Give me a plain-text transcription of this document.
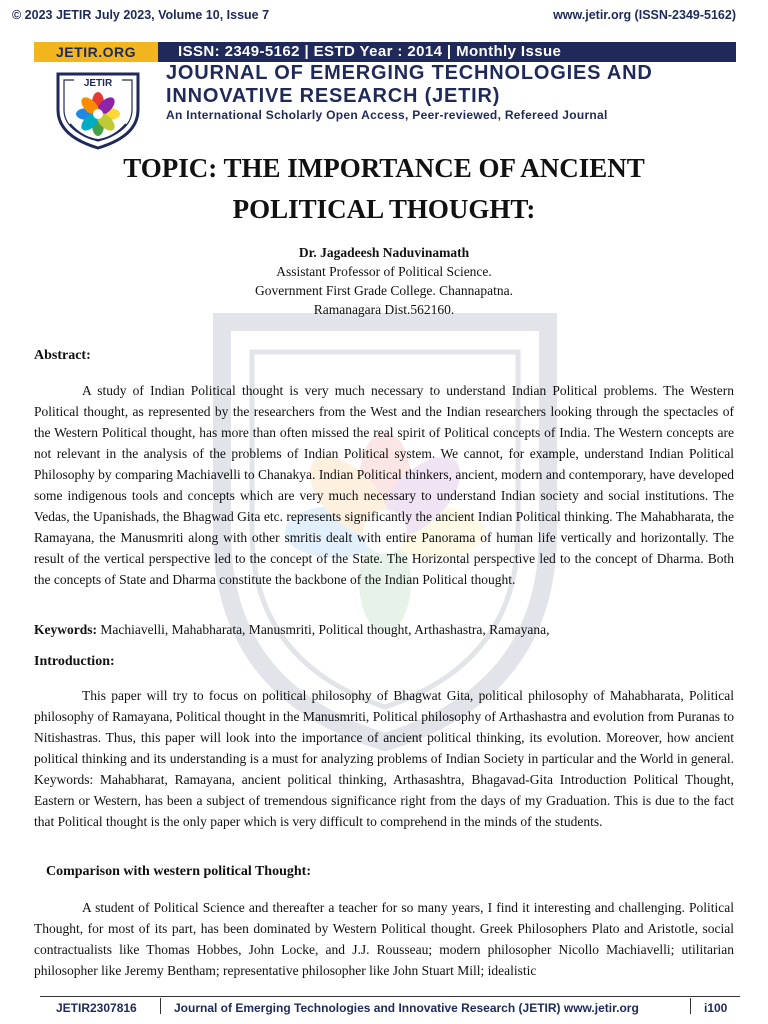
© 2023 JETIR July 2023, Volume 10, Issue 7	www.jetir.org (ISSN-2349-5162)
JETIR.ORG	ISSN: 2349-5162 | ESTD Year : 2014 | Monthly Issue
JETIR	JOURNAL OF EMERGING TECHNOLOGIES AND
INNOVATIVE RESEARCH (JETIR)
An International Scholarly Open Access, Peer-reviewed, Refereed Journal
TOPIC: THE IMPORTANCE OF ANCIENT
POLITICAL THOUGHT:
Dr. Jagadeesh Naduvinamath
Assistant Professor of Political Science.
Government First Grade College. Channapatna.
Ramanagara Dist.562160.
Abstract:
A study of Indian Political thought is very much necessary to understand Indian Political problems. The Western Political thought, as represented by the researchers from the West and the Indian researchers looking through the spectacles of the Western Political thought, has more than often missed the real spirit of Political concepts of India. The Western concepts are not relevant in the analysis of the problems of Indian Political system. We cannot, for example, understand Indian Political Philosophy by comparing Machiavelli to Chanakya. Indian Political thinkers, ancient, modern and contemporary, have developed some indigenous tools and concepts which are very much necessary to understand Indian society and social institutions. The Vedas, the Upanishads, the Bhagwad Gita etc. represents significantly the ancient Indian Political thinking. The Mahabharata, the Ramayana, the Manusmriti along with other smritis dealt with entire Panorama of human life vertically and horizontally. The result of the vertical perspective led to the concept of the State. The Horizontal perspective led to the concept of Dharma. Both the concepts of State and Dharma constitute the backbone of the Indian Political thought.
Keywords: Machiavelli, Mahabharata, Manusmriti, Political thought, Arthashastra, Ramayana,
Introduction:
This paper will try to focus on political philosophy of Bhagwat Gita, political philosophy of Mahabharata, Political philosophy of Ramayana, Political thought in the Manusmriti, Political philosophy of Arthashastra and evolution from Puranas to Nitishastras. Thus, this paper will look into the importance of ancient political thinking, its evolution. Moreover, how ancient political thinking and its understanding is a must for analyzing problems of Indian Society in particular and the World in general. Keywords: Mahabharat, Ramayana, ancient political thinking, Arthasashtra, Bhagavad-Gita Introduction Political Thought, Eastern or Western, has been a subject of tremendous significance right from the days of my Graduation. This is due to the fact that Political thought is the only paper which is very difficult to comprehend in the minds of the students.
Comparison with western political Thought:
A student of Political Science and thereafter a teacher for so many years, I find it interesting and challenging. Political Thought, for most of its part, has been dominated by Western Political thought. Greek Philosophers Plato and Aristotle, social contractualists like Thomas Hobbes, John Locke, and J.J. Rousseau; modern philosopher Nicollo Machiavelli; utilitarian philosopher like Jeremy Bentham; representative philosopher like John Stuart Mill; idealistic
JETIR2307816	Journal of Emerging Technologies and Innovative Research (JETIR) www.jetir.org	i100
